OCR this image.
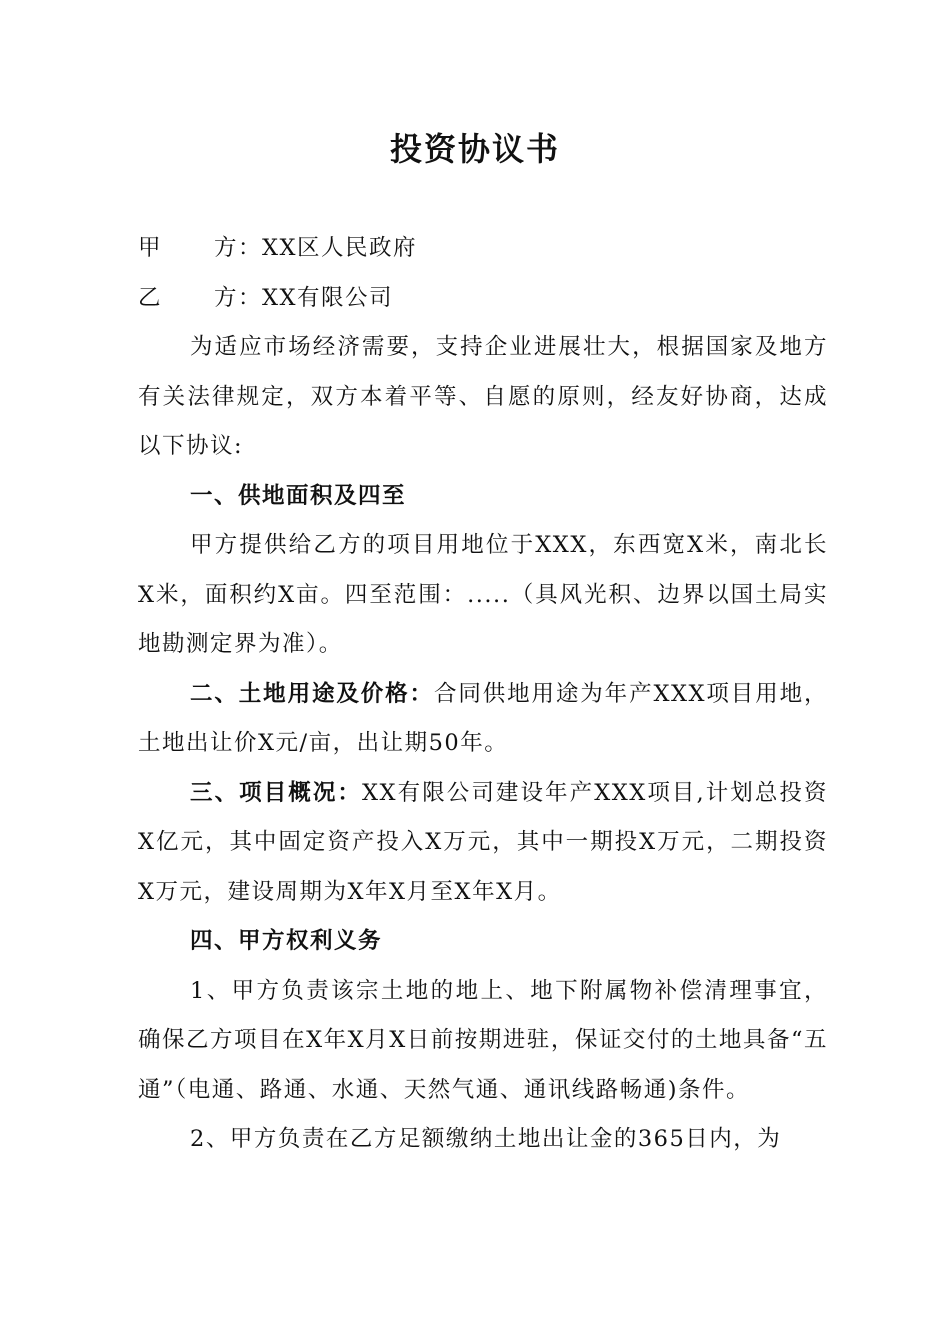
投资协议书

甲 方：XX区人民政府

乙 方：XX有限公司

为适应市场经济需要，支持企业进展壮大，根据国家及地方有关法律规定，双方本着平等、自愿的原则，经友好协商，达成以下协议:

一、供地面积及四至

甲方提供给乙方的项目用地位于XXX，东西宽X米，南北长X米，面积约X亩。四至范围：.....（具风光积、边界以国土局实地勘测定界为准）。

二、土地用途及价格：合同供地用途为年产XXX项目用地，土地出让价X元/亩，出让期50年。

三、项目概况：XX有限公司建设年产XXX项目,计划总投资X亿元，其中固定资产投入X万元，其中一期投X万元，二期投资X万元，建设周期为X年X月至X年X月。

四、甲方权利义务

1、甲方负责该宗土地的地上、地下附属物补偿清理事宜，确保乙方项目在X年X月X日前按期进驻，保证交付的土地具备“五通”（电通、路通、水通、天然气通、通讯线路畅通)条件。

2、甲方负责在乙方足额缴纳土地出让金的365日内，为
